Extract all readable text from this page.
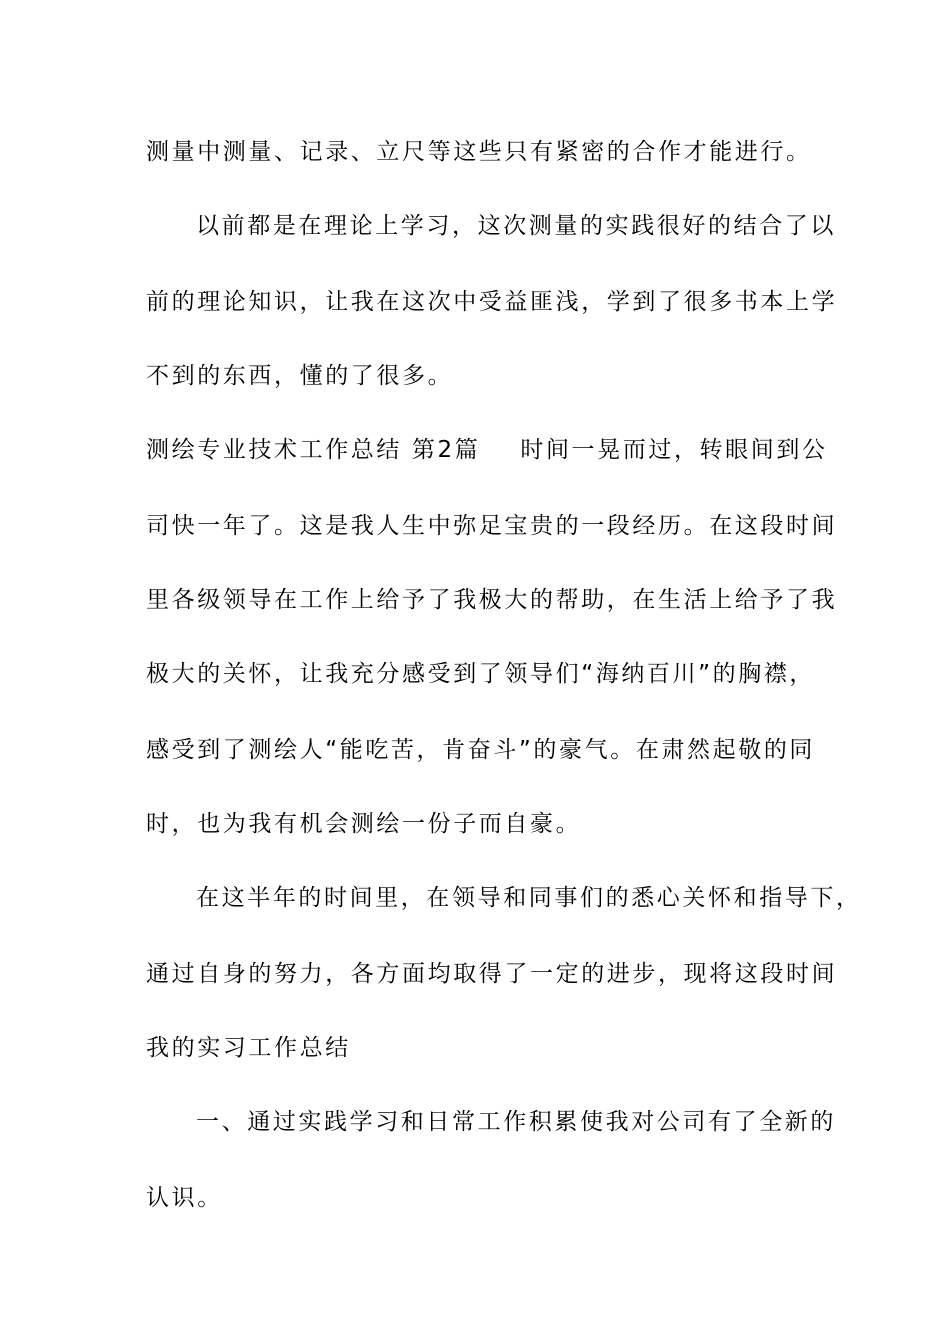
测量中测量、记录、立尺等这些只有紧密的合作才能进行。
以前都是在理论上学习，这次测量的实践很好的结合了以
前的理论知识，让我在这次中受益匪浅，学到了很多书本上学
不到的东西，懂的了很多。
测绘专业技术工作总结 第2篇 时间一晃而过，转眼间到公
司快一年了。这是我人生中弥足宝贵的一段经历。在这段时间
里各级领导在工作上给予了我极大的帮助，在生活上给予了我
极大的关怀，让我充分感受到了领导们“海纳百川”的胸襟，
感受到了测绘人“能吃苦，肯奋斗”的豪气。在肃然起敬的同
时，也为我有机会测绘一份子而自豪。
在这半年的时间里，在领导和同事们的悉心关怀和指导下，
通过自身的努力，各方面均取得了一定的进步，现将这段时间
我的实习工作总结
一、通过实践学习和日常工作积累使我对公司有了全新的
认识。
